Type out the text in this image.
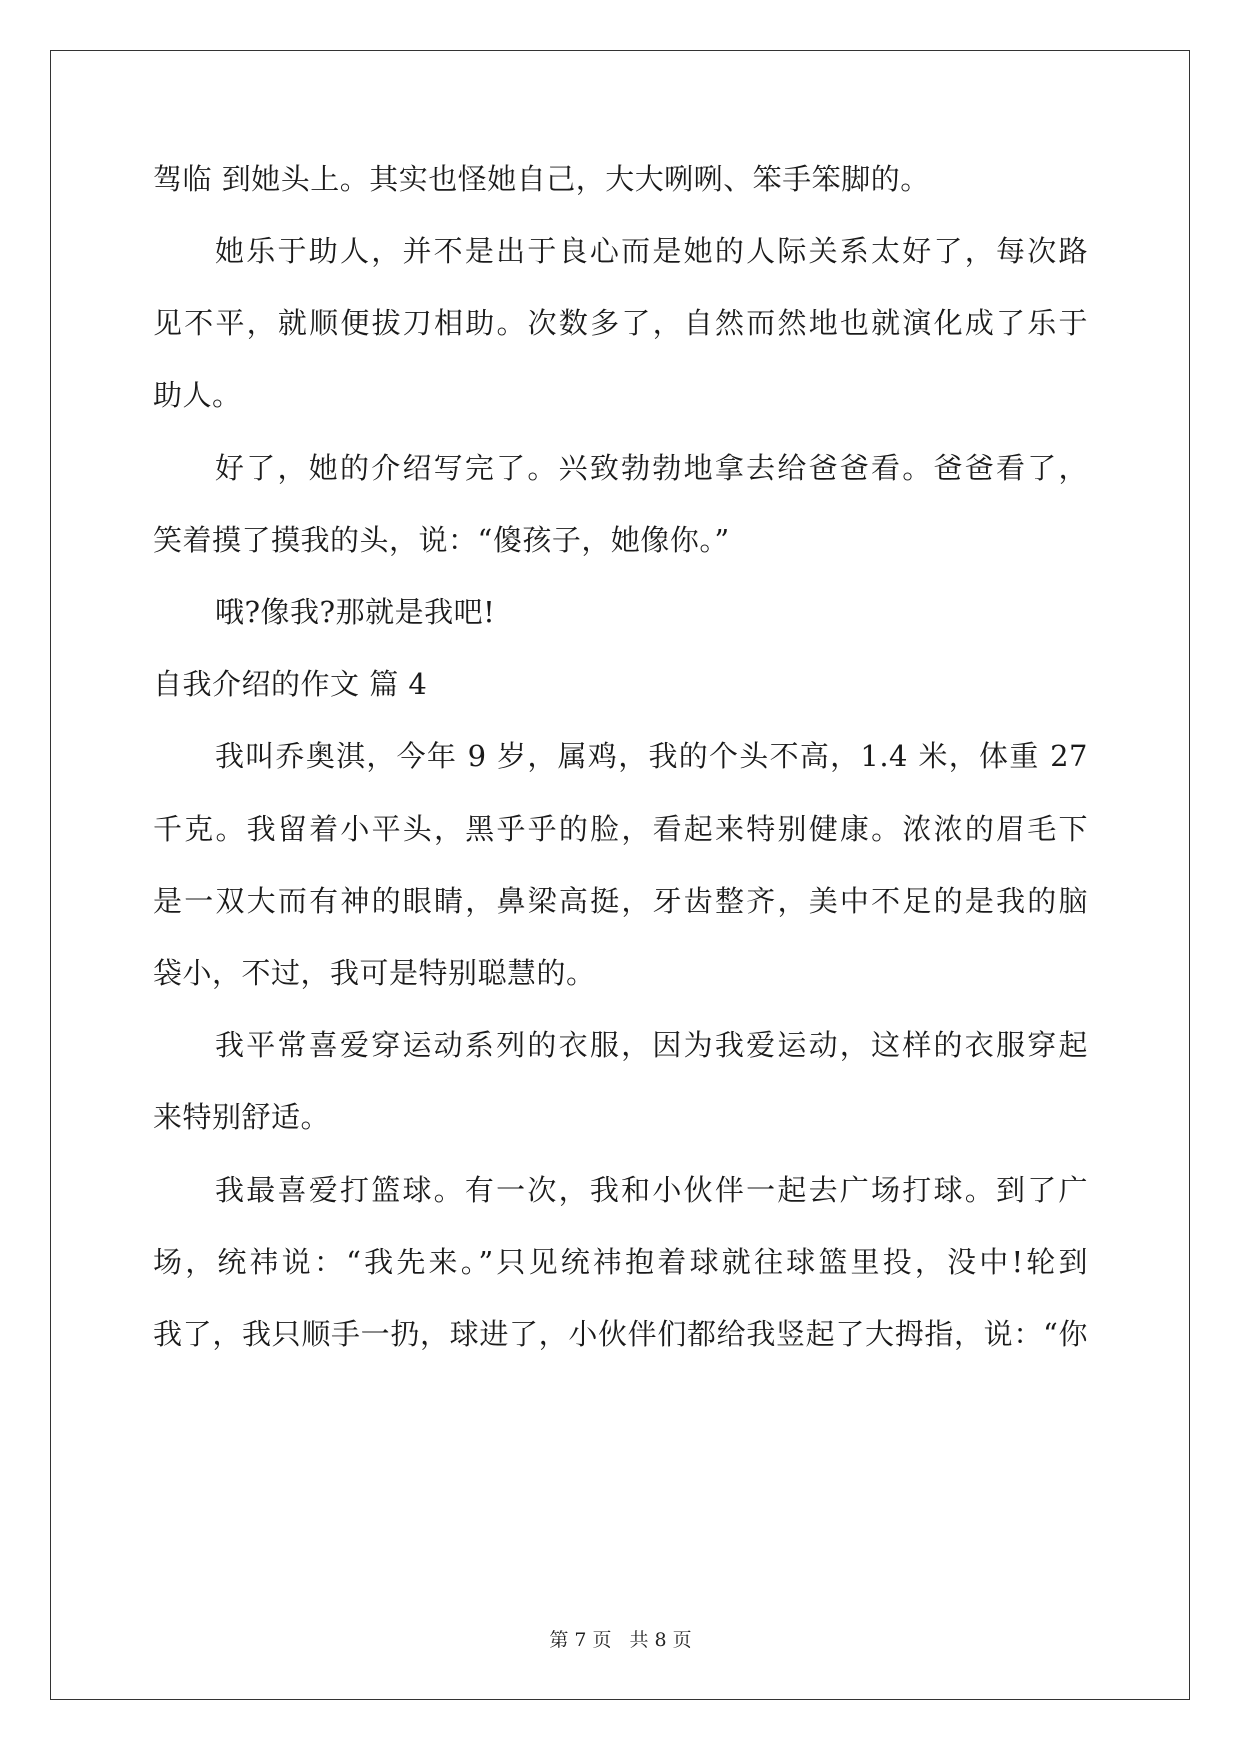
驾临 到她头上。其实也怪她自己，大大咧咧、笨手笨脚的。
她乐于助人，并不是出于良心而是她的人际关系太好了，每次路
见不平，就顺便拔刀相助。次数多了，自然而然地也就演化成了乐于
助人。
好了，她的介绍写完了。兴致勃勃地拿去给爸爸看。爸爸看了，
笑着摸了摸我的头，说：“傻孩子，她像你。”
哦?像我?那就是我吧!
自我介绍的作文 篇 4
我叫乔奥淇，今年 9 岁，属鸡，我的个头不高，1.4 米，体重 27
千克。我留着小平头，黑乎乎的脸，看起来特别健康。浓浓的眉毛下
是一双大而有神的眼睛，鼻梁高挺，牙齿整齐，美中不足的是我的脑
袋小，不过，我可是特别聪慧的。
我平常喜爱穿运动系列的衣服，因为我爱运动，这样的衣服穿起
来特别舒适。
我最喜爱打篮球。有一次，我和小伙伴一起去广场打球。到了广
场，统祎说：“我先来。”只见统祎抱着球就往球篮里投，没中!轮到
我了，我只顺手一扔，球进了，小伙伴们都给我竖起了大拇指，说：“你
第 7 页 共 8 页
